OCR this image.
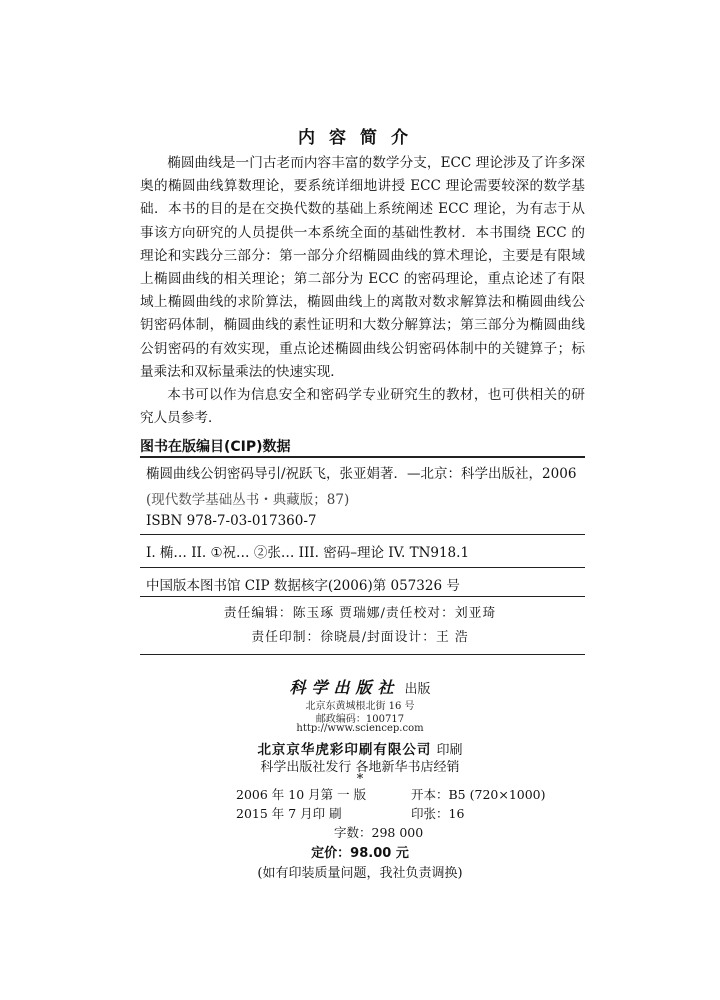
内容简介

椭圆曲线是一门古老而内容丰富的数学分支，ECC 理论涉及了许多深奥的椭圆曲线算数理论，要系统详细地讲授 ECC 理论需要较深的数学基础．本书的目的是在交换代数的基础上系统阐述 ECC 理论，为有志于从事该方向研究的人员提供一本系统全面的基础性教材．本书围绕 ECC 的理论和实践分三部分：第一部分介绍椭圆曲线的算术理论，主要是有限域上椭圆曲线的相关理论；第二部分为 ECC 的密码理论，重点论述了有限域上椭圆曲线的求阶算法，椭圆曲线上的离散对数求解算法和椭圆曲线公钥密码体制，椭圆曲线的素性证明和大数分解算法；第三部分为椭圆曲线公钥密码的有效实现，重点论述椭圆曲线公钥密码体制中的关键算子；标量乘法和双标量乘法的快速实现．

本书可以作为信息安全和密码学专业研究生的教材，也可供相关的研究人员参考．

图书在版编目(CIP)数据
椭圆曲线公钥密码导引/祝跃飞，张亚娟著．—北京：科学出版社，2006
(现代数学基础丛书・典藏版；87)
ISBN 978-7-03-017360-7
I. 椭… II. ①祝… ②张… III. 密码–理论 IV. TN918.1
中国版本图书馆 CIP 数据核字(2006)第 057326 号
责任编辑：陈玉琢 贾瑞娜/责任校对：刘亚琦
责任印制：徐晓晨/封面设计：王 浩
科学出版社 出版
北京东黄城根北街 16 号
邮政编码：100717
http://www.sciencep.com
北京京华虎彩印刷有限公司 印刷
科学出版社发行 各地新华书店经销
*
2006 年 10 月第 一 版	开本：B5 (720×1000)
2015 年 7 月印 刷	印张：16
字数：298 000
定价：98.00 元
(如有印装质量问题，我社负责调换)
